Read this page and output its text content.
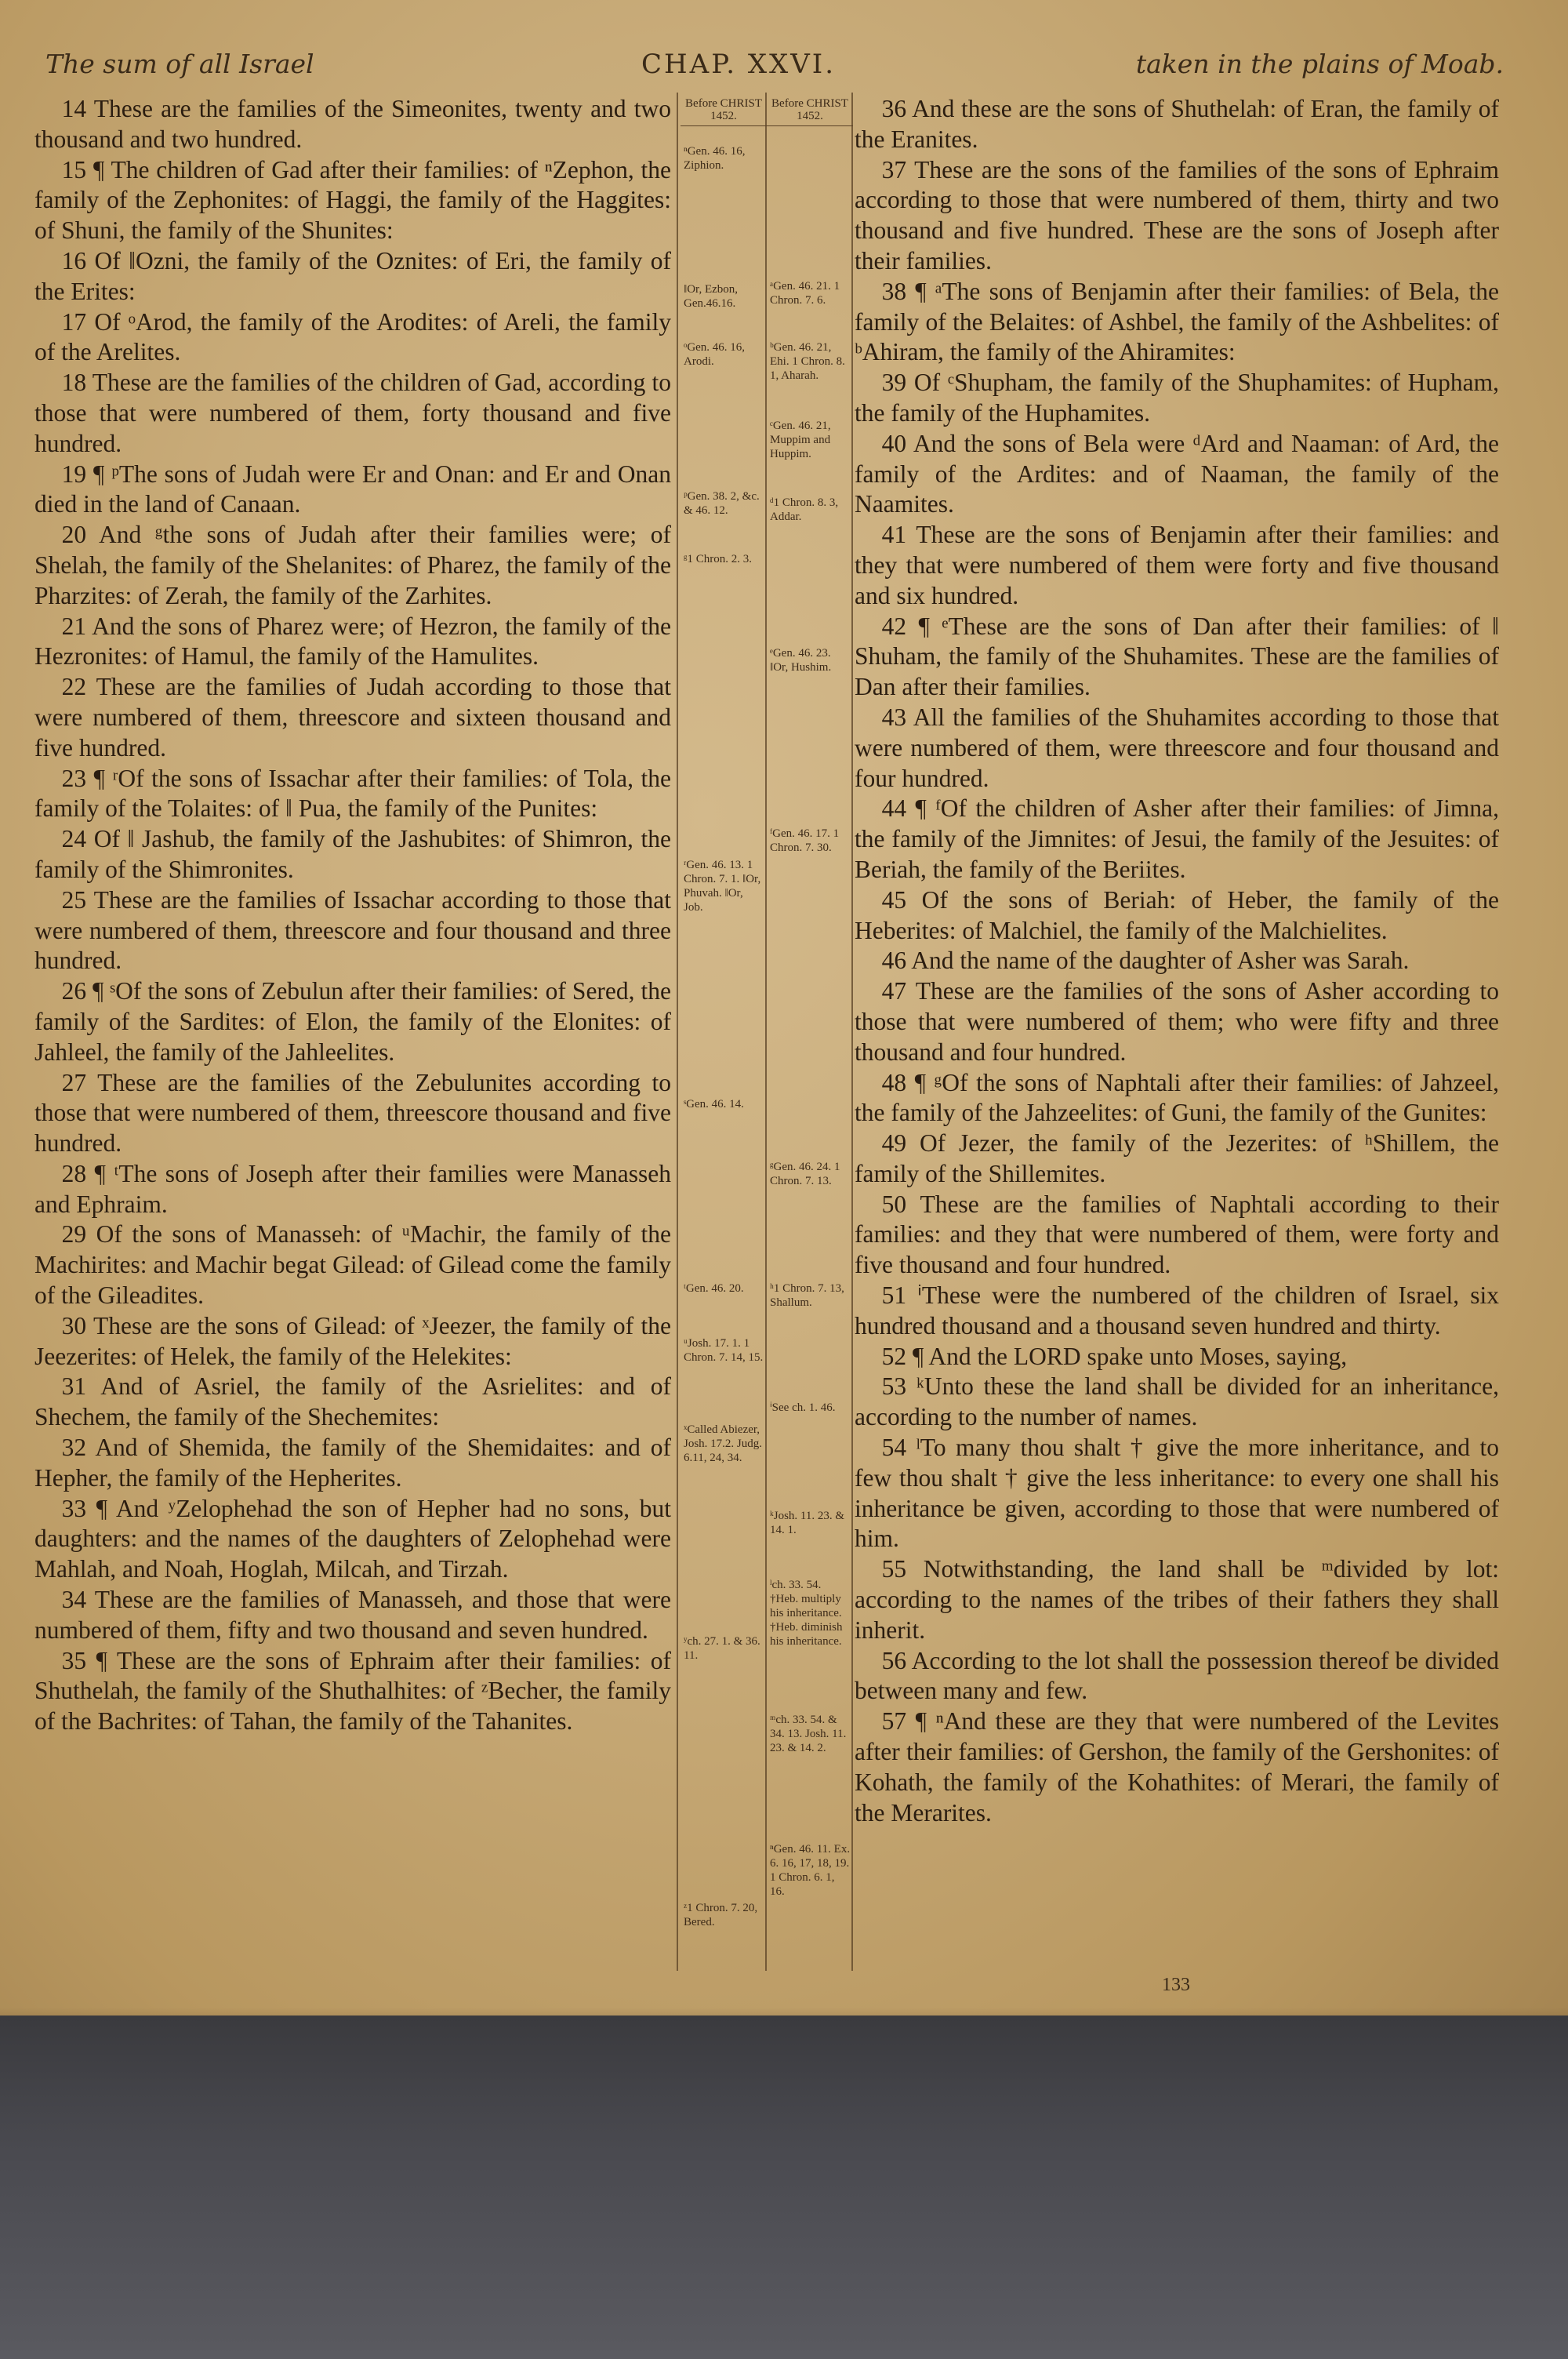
The sum of all Israel	CHAP. XXVI.	taken in the plains of Moab.

14 These are the families of the Simeonites, twenty and two thousand and two hundred.

15 ¶ The children of Gad after their families: of ⁿZephon, the family of the Zephonites: of Haggi, the family of the Haggites: of Shuni, the family of the Shunites:

16 Of ‖Ozni, the family of the Oznites: of Eri, the family of the Erites:

17 Of ᵒArod, the family of the Arodites: of Areli, the family of the Arelites.

18 These are the families of the children of Gad, according to those that were numbered of them, forty thousand and five hundred.

19 ¶ ᵖThe sons of Judah were Er and Onan: and Er and Onan died in the land of Canaan.

20 And ᵍthe sons of Judah after their families were; of Shelah, the family of the Shelanites: of Pharez, the family of the Pharzites: of Zerah, the family of the Zarhites.

21 And the sons of Pharez were; of Hezron, the family of the Hezronites: of Hamul, the family of the Hamulites.

22 These are the families of Judah according to those that were numbered of them, threescore and sixteen thousand and five hundred.

23 ¶ ʳOf the sons of Issachar after their families: of Tola, the family of the Tolaites: of ‖ Pua, the family of the Punites:

24 Of ‖ Jashub, the family of the Jashubites: of Shimron, the family of the Shimronites.

25 These are the families of Issachar according to those that were numbered of them, threescore and four thousand and three hundred.

26 ¶ ˢOf the sons of Zebulun after their families: of Sered, the family of the Sardites: of Elon, the family of the Elonites: of Jahleel, the family of the Jahleelites.

27 These are the families of the Zebulunites according to those that were numbered of them, threescore thousand and five hundred.

28 ¶ ᵗThe sons of Joseph after their families were Manasseh and Ephraim.

29 Of the sons of Manasseh: of ᵘMachir, the family of the Machirites: and Machir begat Gilead: of Gilead come the family of the Gileadites.

30 These are the sons of Gilead: of ˣJeezer, the family of the Jeezerites: of Helek, the family of the Helekites:

31 And of Asriel, the family of the Asrielites: and of Shechem, the family of the Shechemites:

32 And of Shemida, the family of the Shemidaites: and of Hepher, the family of the Hepherites.

33 ¶ And ʸZelophehad the son of Hepher had no sons, but daughters: and the names of the daughters of Zelophehad were Mahlah, and Noah, Hoglah, Milcah, and Tirzah.

34 These are the families of Manasseh, and those that were numbered of them, fifty and two thousand and seven hundred.

35 ¶ These are the sons of Ephraim after their families: of Shuthelah, the family of the Shuthalhites: of ᶻBecher, the family of the Bachrites: of Tahan, the family of the Tahanites.

Before CHRIST 1452.
ⁿGen. 46. 16, Ziphion.
‖Or, Ezbon, Gen.46.16.
ᵒGen. 46. 16, Arodi.
ᵖGen. 38. 2, &c. & 46. 12.
ᵍ1 Chron. 2. 3.
ʳGen. 46. 13. 1 Chron. 7. 1. ‖Or, Phuvah. ‖Or, Job.
ˢGen. 46. 14.
ᵗGen. 46. 20.
ᵘJosh. 17. 1. 1 Chron. 7. 14, 15.
ˣCalled Abiezer, Josh. 17.2. Judg. 6.11, 24, 34.
ʸch. 27. 1. & 36. 11.
ᶻ1 Chron. 7. 20, Bered.
Before CHRIST 1452.
ᵃGen. 46. 21. 1 Chron. 7. 6.
ᵇGen. 46. 21, Ehi. 1 Chron. 8. 1, Aharah.
ᶜGen. 46. 21, Muppim and Huppim.
ᵈ1 Chron. 8. 3, Addar.
ᵉGen. 46. 23. ‖Or, Hushim.
ᶠGen. 46. 17. 1 Chron. 7. 30.
ᵍGen. 46. 24. 1 Chron. 7. 13.
ʰ1 Chron. 7. 13, Shallum.
ⁱSee ch. 1. 46.
ᵏJosh. 11. 23. & 14. 1.
ˡch. 33. 54. †Heb. multiply his inheritance. †Heb. diminish his inheritance.
ᵐch. 33. 54. & 34. 13. Josh. 11. 23. & 14. 2.
ⁿGen. 46. 11. Ex. 6. 16, 17, 18, 19. 1 Chron. 6. 1, 16.

36 And these are the sons of Shuthelah: of Eran, the family of the Eranites.

37 These are the sons of the families of the sons of Ephraim according to those that were numbered of them, thirty and two thousand and five hundred. These are the sons of Joseph after their families.

38 ¶ ᵃThe sons of Benjamin after their families: of Bela, the family of the Belaites: of Ashbel, the family of the Ashbelites: of ᵇAhiram, the family of the Ahiramites:

39 Of ᶜShupham, the family of the Shuphamites: of Hupham, the family of the Huphamites.

40 And the sons of Bela were ᵈArd and Naaman: of Ard, the family of the Ardites: and of Naaman, the family of the Naamites.

41 These are the sons of Benjamin after their families: and they that were numbered of them were forty and five thousand and six hundred.

42 ¶ ᵉThese are the sons of Dan after their families: of ‖ Shuham, the family of the Shuhamites. These are the families of Dan after their families.

43 All the families of the Shuhamites according to those that were numbered of them, were threescore and four thousand and four hundred.

44 ¶ ᶠOf the children of Asher after their families: of Jimna, the family of the Jimnites: of Jesui, the family of the Jesuites: of Beriah, the family of the Beriites.

45 Of the sons of Beriah: of Heber, the family of the Heberites: of Malchiel, the family of the Malchielites.

46 And the name of the daughter of Asher was Sarah.

47 These are the families of the sons of Asher according to those that were numbered of them; who were fifty and three thousand and four hundred.

48 ¶ ᵍOf the sons of Naphtali after their families: of Jahzeel, the family of the Jahzeelites: of Guni, the family of the Gunites:

49 Of Jezer, the family of the Jezerites: of ʰShillem, the family of the Shillemites.

50 These are the families of Naphtali according to their families: and they that were numbered of them, were forty and five thousand and four hundred.

51 ⁱThese were the numbered of the children of Israel, six hundred thousand and a thousand seven hundred and thirty.

52 ¶ And the LORD spake unto Moses, saying,

53 ᵏUnto these the land shall be divided for an inheritance, according to the number of names.

54 ˡTo many thou shalt † give the more inheritance, and to few thou shalt † give the less inheritance: to every one shall his inheritance be given, according to those that were numbered of him.

55 Notwithstanding, the land shall be ᵐdivided by lot: according to the names of the tribes of their fathers they shall inherit.

56 According to the lot shall the possession thereof be divided between many and few.

57 ¶ ⁿAnd these are they that were numbered of the Levites after their families: of Gershon, the family of the Gershonites: of Kohath, the family of the Kohathites: of Merari, the family of the Merarites.

133
